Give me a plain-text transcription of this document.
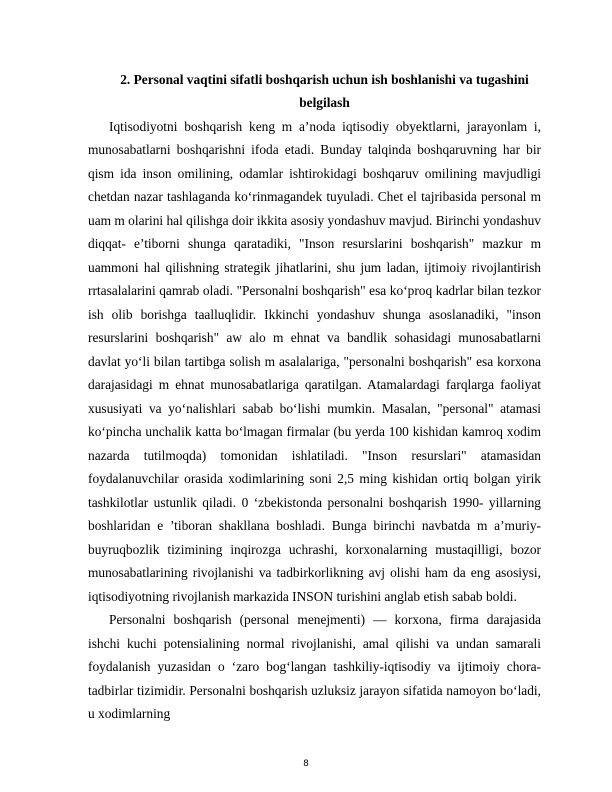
2. Personal vaqtini sifatli boshqarish uchun ish boshlanishi va tugashini belgilash

Iqtisodiyotni boshqarish keng m a’noda iqtisodiy obyektlarni, jarayonlam i, munosabatlarni boshqarishni ifoda etadi. Bunday talqinda boshqaruvning har bir qism ida inson omilining, odamlar ishtirokidagi boshqaruv omilining mavjudligi chetdan nazar tashlaganda ko‘rinmagandek tuyuladi. Chet el tajribasida personal m uam m olarini hal qilishga doir ikkita asosiy yondashuv mavjud. Birinchi yondashuv diqqat- e’tiborni shunga qaratadiki, "Inson resurslarini boshqarish" mazkur m uammoni hal qilishning strategik jihatlarini, shu jum ladan, ijtimoiy rivojlantirish rrtasalalarini qamrab oladi. "Personalni boshqarish" esa ko‘proq kadrlar bilan tezkor ish olib borishga taalluqlidir. Ikkinchi yondashuv shunga asoslanadiki, "inson resurslarini boshqarish" aw alo m ehnat va bandlik sohasidagi munosabatlarni davlat yo‘li bilan tartibga solish m asalalariga, "personalni boshqarish" esa korxona darajasidagi m ehnat munosabatlariga qaratilgan. Atamalardagi farqlarga faoliyat xususiyati va yo‘nalishlari sabab bo‘lishi mumkin. Masalan, "personal" atamasi ko‘pincha unchalik katta bo‘lmagan firmalar (bu yerda 100 kishidan kamroq xodim nazarda tutilmoqda) tomonidan ishlatiladi. "Inson resurslari" atamasidan foydalanuvchilar orasida xodimlarining soni 2,5 ming kishidan ortiq bolgan yirik tashkilotlar ustunlik qiladi. 0 ‘zbekistonda personalni boshqarish 1990- yillarning boshlaridan e ’tiboran shakllana boshladi. Bunga birinchi navbatda m a’muriy-buyruqbozlik tizimining inqirozga uchrashi, korxonalarning mustaqilligi, bozor munosabatlarining rivojlanishi va tadbirkorlikning avj olishi ham da eng asosiysi, iqtisodiyotning rivojlanish markazida INSON turishini anglab etish sabab boldi.

Personalni boshqarish (personal menejmenti) — korxona, firma darajasida ishchi kuchi potensialining normal rivojlanishi, amal qilishi va undan samarali foydalanish yuzasidan o ‘zaro bog‘langan tashkiliy-iqtisodiy va ijtimoiy chora-tadbirlar tizimidir. Personalni boshqarish uzluksiz jarayon sifatida namoyon bo‘ladi, u xodimlarning

8
